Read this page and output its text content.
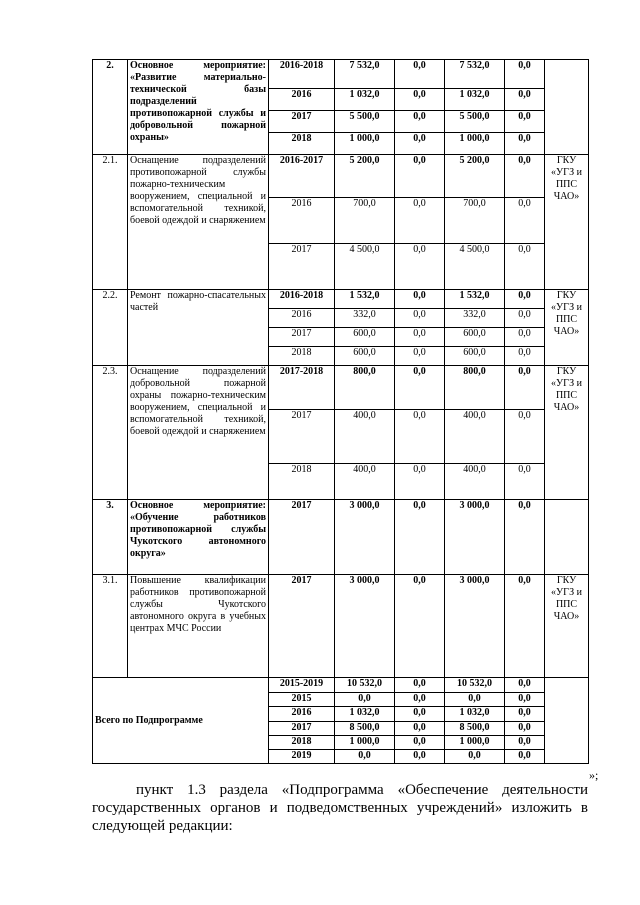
2.	Основное мероприятие: «Развитие материально-технической базы подразделений противопожарной службы и добровольной пожарной охраны»	2016-2018	7 532,0	0,0	7 532,0	0,0	
		2016	1 032,0	0,0	1 032,0	0,0	
		2017	5 500,0	0,0	5 500,0	0,0	
		2018	1 000,0	0,0	1 000,0	0,0	
2.1.	Оснащение подразделений противопожарной службы пожарно-техническим вооружением, специальной и вспомогательной техникой, боевой одеждой и снаряжением	2016-2017	5 200,0	0,0	5 200,0	0,0	ГКУ «УГЗ и ППС ЧАО»
		2016	700,0	0,0	700,0	0,0	
		2017	4 500,0	0,0	4 500,0	0,0	
2.2.	Ремонт пожарно-спасательных частей	2016-2018	1 532,0	0,0	1 532,0	0,0	ГКУ «УГЗ и ППС ЧАО»
		2016	332,0	0,0	332,0	0,0	
		2017	600,0	0,0	600,0	0,0	
		2018	600,0	0,0	600,0	0,0	
2.3.	Оснащение подразделений добровольной пожарной охраны пожарно-техническим вооружением, специальной и вспомогательной техникой, боевой одеждой и снаряжением	2017-2018	800,0	0,0	800,0	0,0	ГКУ «УГЗ и ППС ЧАО»
		2017	400,0	0,0	400,0	0,0	
		2018	400,0	0,0	400,0	0,0	
3.	Основное мероприятие: «Обучение работников противопожарной службы Чукотского автономного округа»	2017	3 000,0	0,0	3 000,0	0,0	
3.1.	Повышение квалификации работников противопожарной службы Чукотского автономного округа в учебных центрах МЧС России	2017	3 000,0	0,0	3 000,0	0,0	ГКУ «УГЗ и ППС ЧАО»
Всего по Подпрограмме		2015-2019	10 532,0	0,0	10 532,0	0,0	
		2015	0,0	0,0	0,0	0,0	
		2016	1 032,0	0,0	1 032,0	0,0	
		2017	8 500,0	0,0	8 500,0	0,0	
		2018	1 000,0	0,0	1 000,0	0,0	
		2019	0,0	0,0	0,0	0,0	
»;

пункт 1.3 раздела «Подпрограмма «Обеспечение деятельности государственных органов и подведомственных учреждений» изложить в следующей редакции:
